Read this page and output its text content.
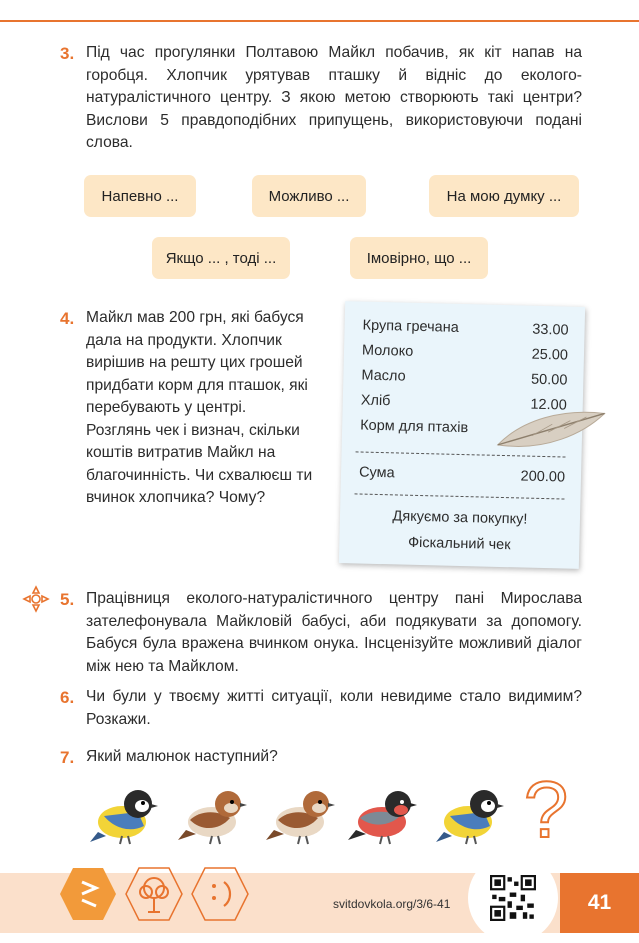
3. Під час прогулянки Полтавою Майкл побачив, як кіт напав на горобця. Хлопчик урятував пташку й відніс до еколого-натуралістичного центру. З якою метою створюють такі центри? Вислови 5 правдоподібних припущень, використовуючи подані слова.
Напевно ...	Можливо ...	На мою думку ...
Якщо ... , тоді ...	Імовірно, що ...
4. Майкл мав 200 грн, які бабуся дала на продукти. Хлопчик вирішив на решту цих грошей придбати корм для пташок, які перебувають у центрі. Розглянь чек і визнач, скільки коштів витратив Майкл на благочинність. Чи схвалюєш ти вчинок хлопчика? Чому?
Крупа гречана	33.00
Молоко	25.00
Масло	50.00
Хліб	12.00
Корм для птахів
Сума	200.00
Дякуємо за покупку!
Фіскальний чек
5. Працівниця еколого-натуралістичного центру пані Мирослава зателефонувала Майкловій бабусі, аби подякувати за допомогу. Бабуся була вражена вчинком онука. Інсценізуйте можливий діалог між нею та Майклом.
6. Чи були у твоєму житті ситуації, коли невидиме стало видимим? Розкажи.
7. Який малюнок наступний?
?
svitdovkola.org/3/6-41	41
